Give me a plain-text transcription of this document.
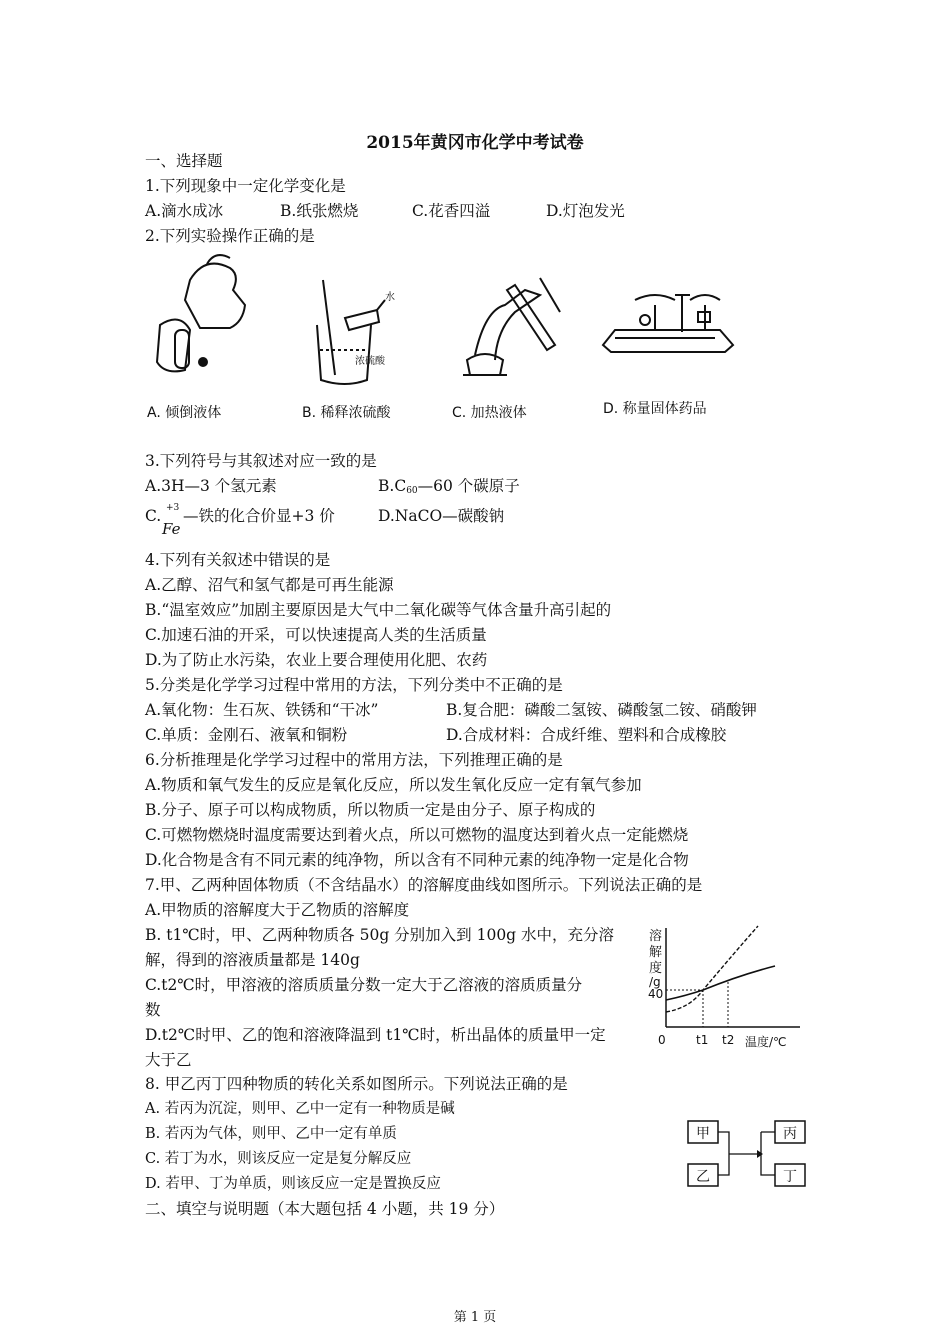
2015年黄冈市化学中考试卷
一、选择题
1.下列现象中一定化学变化是
A.滴水成冰	B.纸张燃烧	C.花香四溢	D.灯泡发光
2.下列实验操作正确的是
水
浓硫酸
A. 倾倒液体	B. 稀释浓硫酸	C. 加热液体	D. 称量固体药品
3.下列符号与其叙述对应一致的是
A.3H—3 个氢元素	$B.C_{60}—60$ 个碳原子
C. +3
Fe
—铁的化合价显+3 价	D.NaCO—碳酸钠
4.下列有关叙述中错误的是
A.乙醇、沼气和氢气都是可再生能源
B.“温室效应”加剧主要原因是大气中二氧化碳等气体含量升高引起的
C.加速石油的开采，可以快速提高人类的生活质量
D.为了防止水污染，农业上要合理使用化肥、农药
5.分类是化学学习过程中常用的方法，下列分类中不正确的是
A.氧化物：生石灰、铁锈和“干冰”	B.复合肥：磷酸二氢铵、磷酸氢二铵、硝酸钾
C.单质：金刚石、液氧和铜粉	D.合成材料：合成纤维、塑料和合成橡胶
6.分析推理是化学学习过程中的常用方法，下列推理正确的是
A.物质和氧气发生的反应是氧化反应，所以发生氧化反应一定有氧气参加
B.分子、原子可以构成物质，所以物质一定是由分子、原子构成的
C.可燃物燃烧时温度需要达到着火点，所以可燃物的温度达到着火点一定能燃烧
D.化合物是含有不同元素的纯净物，所以含有不同种元素的纯净物一定是化合物
7.甲、乙两种固体物质（不含结晶水）的溶解度曲线如图所示。下列说法正确的是
A.甲物质的溶解度大于乙物质的溶解度
B. t1℃时，甲、乙两种物质各 50g 分别加入到 100g 水中，充分溶
解，得到的溶液质量都是 140g
C.t2℃时，甲溶液的溶质质量分数一定大于乙溶液的溶质质量分
数
D.t2℃时甲、乙的饱和溶液降温到 t1℃时，析出晶体的质量甲一定
大于乙
溶
解
度
/g
40
0	t1 t2 温度/℃
8. 甲乙丙丁四种物质的转化关系如图所示。下列说法正确的是
A. 若丙为沉淀，则甲、乙中一定有一种物质是碱
B. 若丙为气体，则甲、乙中一定有单质
C. 若丁为水，则该反应一定是复分解反应
D. 若甲、丁为单质，则该反应一定是置换反应
甲
乙
丙
丁
二、填空与说明题（本大题包括 4 小题，共 19 分）
第 1 页
